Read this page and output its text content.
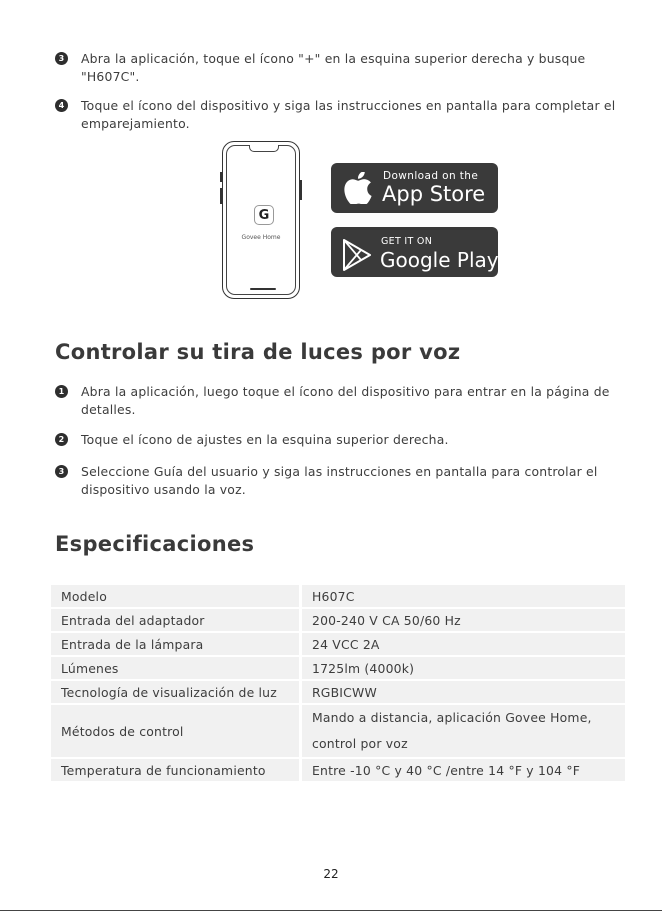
3 Abra la aplicación, toque el ícono "+" en la esquina superior derecha y busque "H607C".
4 Toque el ícono del dispositivo y siga las instrucciones en pantalla para completar el emparejamiento.
G
Govee Home
Download on the
App Store
GET IT ON
Google Play
Controlar su tira de luces por voz
1 Abra la aplicación, luego toque el ícono del dispositivo para entrar en la página de detalles.
2 Toque el ícono de ajustes en la esquina superior derecha.
3 Seleccione Guía del usuario y siga las instrucciones en pantalla para controlar el dispositivo usando la voz.
Especificaciones
Modelo	H607C
Entrada del adaptador	200-240 V CA 50/60 Hz
Entrada de la lámpara	24 VCC 2A
Lúmenes	1725lm (4000k)
Tecnología de visualización de luz	RGBICWW
Métodos de control	Mando a distancia, aplicación Govee Home, control por voz
Temperatura de funcionamiento	Entre -10 °C y 40 °C /entre 14 °F y 104 °F
22
